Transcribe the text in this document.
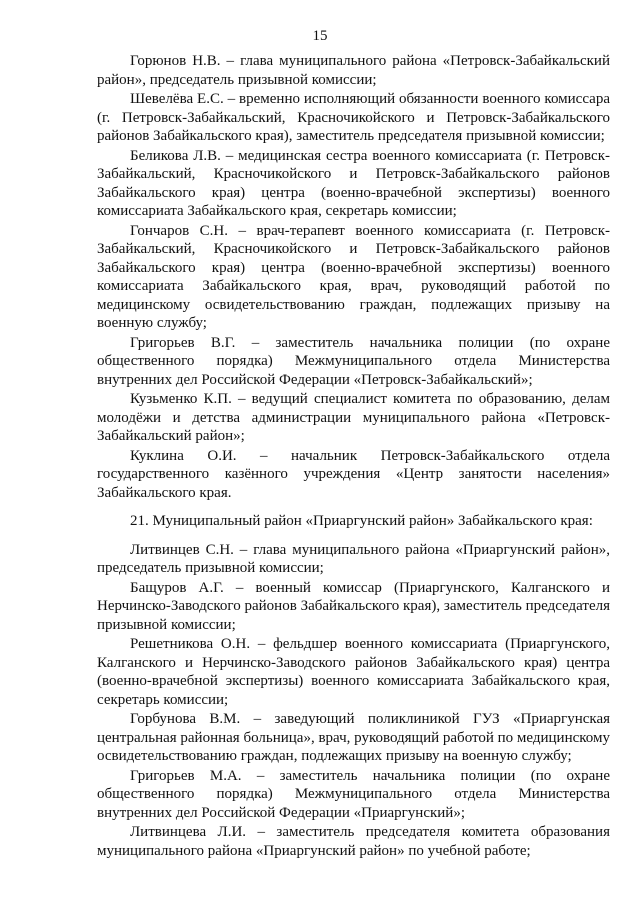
15

Горюнов Н.В. – глава муниципального района «Петровск-Забайкальский район», председатель призывной комиссии;

Шевелёва Е.С. – временно исполняющий обязанности военного комиссара (г. Петровск-Забайкальский, Красночикойского и Петровск-Забайкальского районов Забайкальского края), заместитель председателя призывной комиссии;

Беликова Л.В. – медицинская сестра военного комиссариата (г. Петровск-Забайкальский, Красночикойского и Петровск-Забайкальского районов Забайкальского края) центра (военно-врачебной экспертизы) военного комиссариата Забайкальского края, секретарь комиссии;

Гончаров С.Н. – врач-терапевт военного комиссариата (г. Петровск-Забайкальский, Красночикойского и Петровск-Забайкальского районов Забайкальского края) центра (военно-врачебной экспертизы) военного комиссариата Забайкальского края, врач, руководящий работой по медицинскому освидетельствованию граждан, подлежащих призыву на военную службу;

Григорьев В.Г. – заместитель начальника полиции (по охране общественного порядка) Межмуниципального отдела Министерства внутренних дел Российской Федерации «Петровск-Забайкальский»;

Кузьменко К.П. – ведущий специалист комитета по образованию, делам молодёжи и детства администрации муниципального района «Петровск-Забайкальский район»;

Куклина О.И. – начальник Петровск-Забайкальского отдела государственного казённого учреждения «Центр занятости населения» Забайкальского края.

21. Муниципальный район «Приаргунский район» Забайкальского края:

Литвинцев С.Н. – глава муниципального района «Приаргунский район», председатель призывной комиссии;

Бащуров А.Г. – военный комиссар (Приаргунского, Калганского и Нерчинско-Заводского районов Забайкальского края), заместитель председателя призывной комиссии;

Решетникова О.Н. – фельдшер военного комиссариата (Приаргунского, Калганского и Нерчинско-Заводского районов Забайкальского края) центра (военно-врачебной экспертизы) военного комиссариата Забайкальского края, секретарь комиссии;

Горбунова В.М. – заведующий поликлиникой ГУЗ «Приаргунская центральная районная больница», врач, руководящий работой по медицинскому освидетельствованию граждан, подлежащих призыву на военную службу;

Григорьев М.А. – заместитель начальника полиции (по охране общественного порядка) Межмуниципального отдела Министерства внутренних дел Российской Федерации «Приаргунский»;

Литвинцева Л.И. – заместитель председателя комитета образования муниципального района «Приаргунский район» по учебной работе;
